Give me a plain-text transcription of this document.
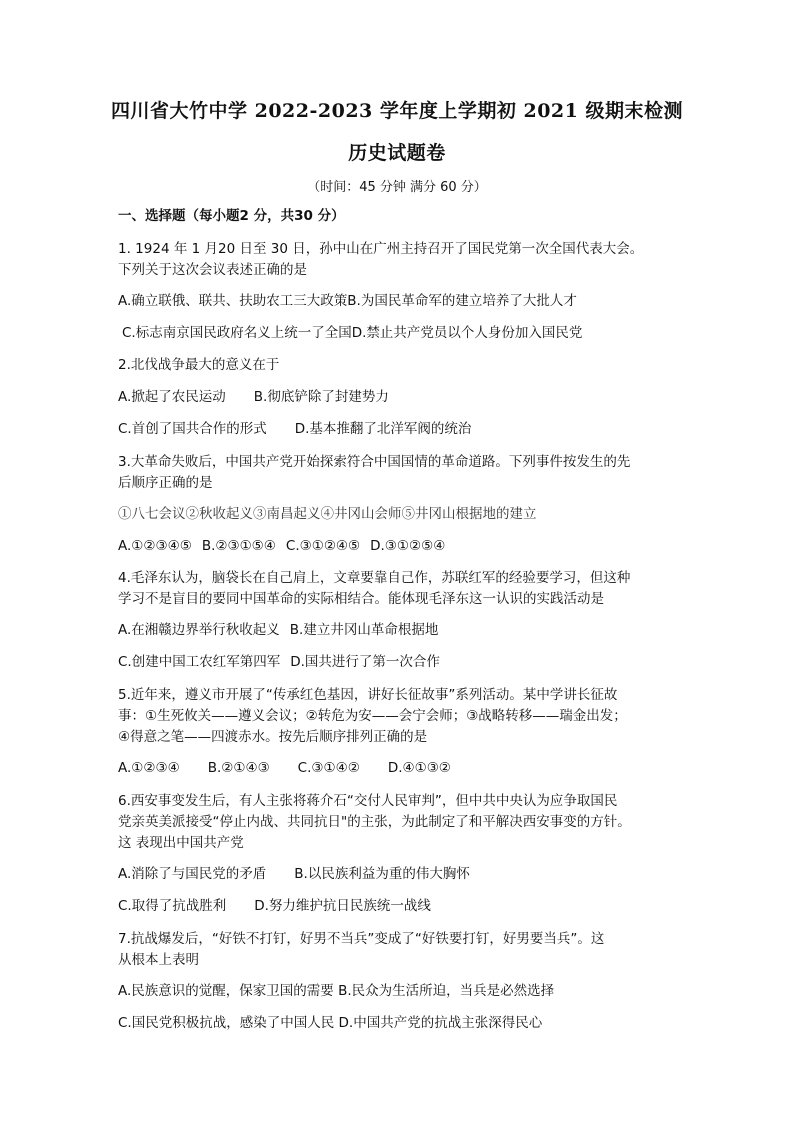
四川省大竹中学 2022-2023 学年度上学期初 2021 级期末检测
历史试题卷
（时间：45 分钟 满分 60 分）
一、选择题（每小题2 分，共30 分）
1. 1924 年 1 月20 日至 30 日，孙中山在广州主持召开了国民党第一次全国代表大会。
下列关于这次会议表述正确的是
A.确立联俄、联共、扶助农工三大政策B.为国民革命军的建立培养了大批人才
C.标志南京国民政府名义上统一了全国D.禁止共产党员以个人身份加入国民党
2.北伐战争最大的意义在于
A.掀起了农民运动 B.彻底铲除了封建势力
C.首创了国共合作的形式 D.基本推翻了北洋军阀的统治
3.大革命失败后，中国共产党开始探索符合中国国情的革命道路。下列事件按发生的先
后顺序正确的是
①八七会议②秋收起义③南昌起义④井冈山会师⑤井冈山根据地的建立
A.①②③④⑤ B.②③①⑤④ C.③①②④⑤ D.③①②⑤④
4.毛泽东认为，脑袋长在自己肩上，文章要靠自己作，苏联红军的经验要学习，但这种
学习不是盲目的要同中国革命的实际相结合。能体现毛泽东这一认识的实践活动是
A.在湘赣边界举行秋收起义 B.建立井冈山革命根据地
C.创建中国工农红军第四军 D.国共进行了第一次合作
5.近年来，遵义市开展了“传承红色基因，讲好长征故事”系列活动。某中学讲长征故
事：①生死攸关——遵义会议；②转危为安——会宁会师；③战略转移——瑞金出发；
④得意之笔——四渡赤水。按先后顺序排列正确的是
A.①②③④ B.②①④③ C.③①④② D.④①③②
6.西安事变发生后，有人主张将蒋介石“交付人民审判”，但中共中央认为应争取国民
党亲英美派接受“停止内战、共同抗日"的主张，为此制定了和平解决西安事变的方针。
这 表现出中国共产党
A.消除了与国民党的矛盾 B.以民族利益为重的伟大胸怀
C.取得了抗战胜利 D.努力维护抗日民族统一战线
7.抗战爆发后，“好铁不打钉，好男不当兵”变成了“好铁要打钉，好男要当兵”。这
从根本上表明
A.民族意识的觉醒，保家卫国的需要 B.民众为生活所迫，当兵是必然选择
C.国民党积极抗战，感染了中国人民 D.中国共产党的抗战主张深得民心
